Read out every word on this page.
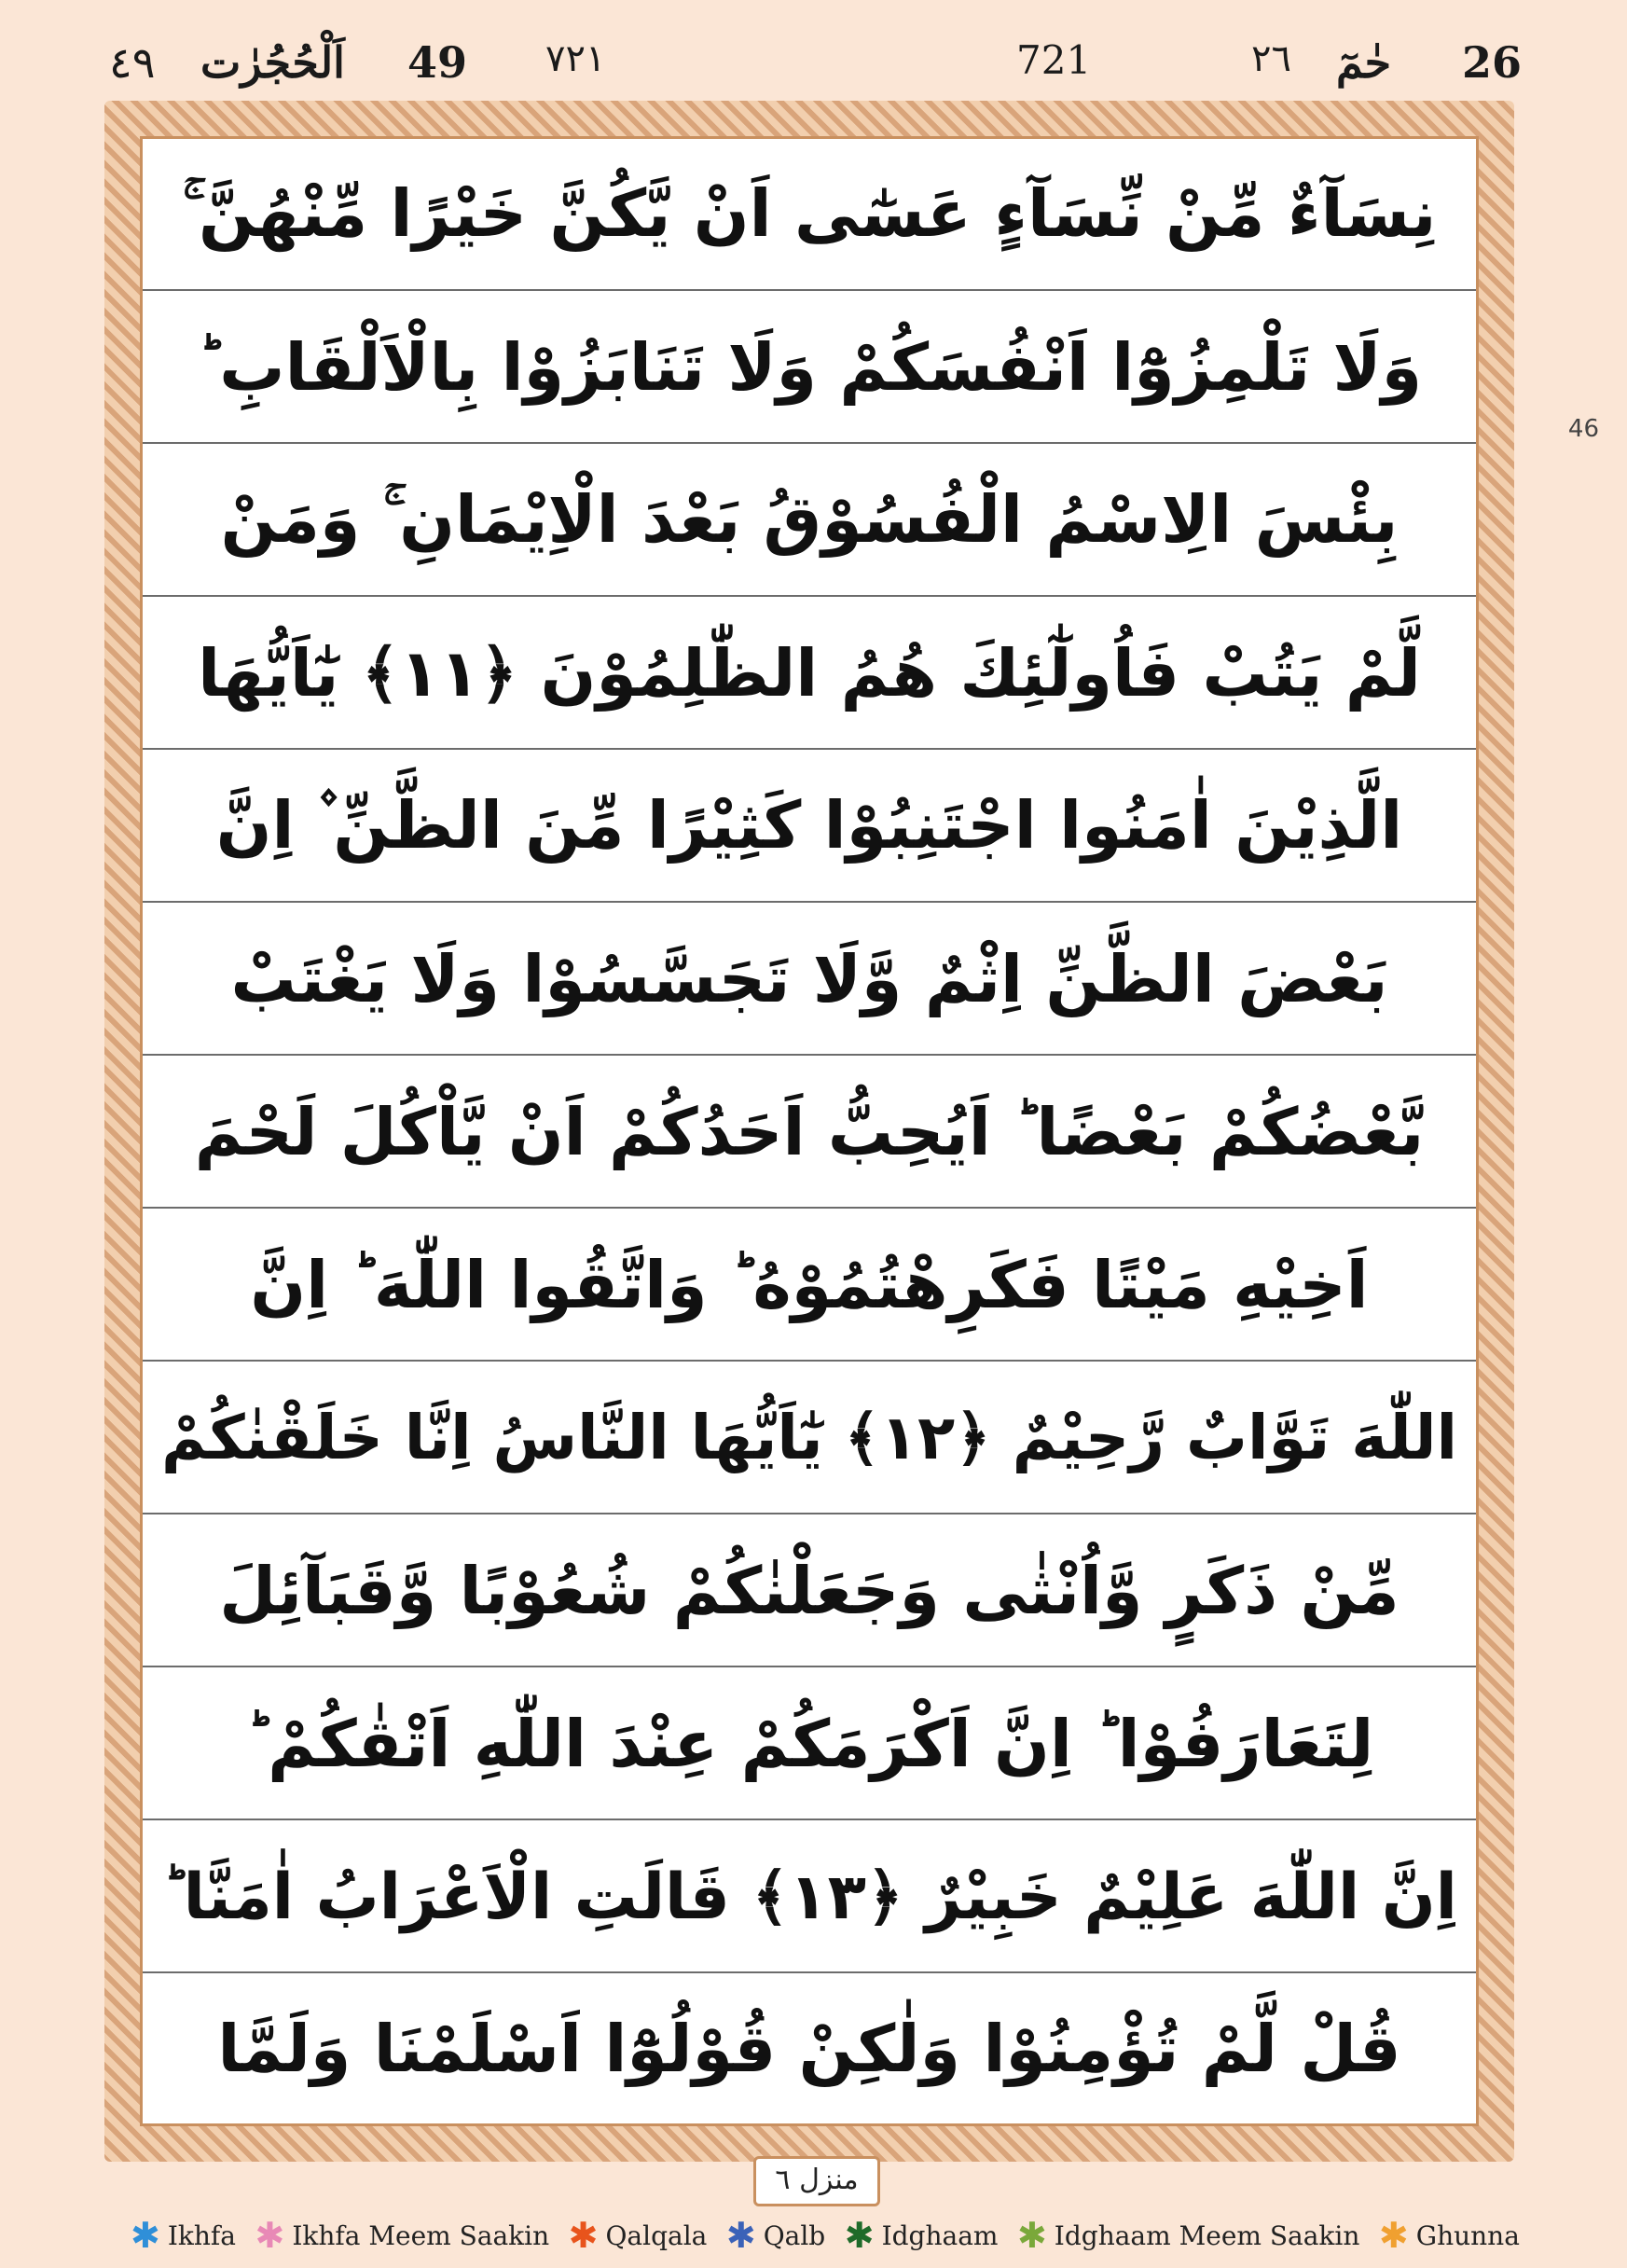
٤٩ اَلْحُجُرٰت 49 ٧٢١	721	٢٦ حٰمٓ 26
46
نِسَآءٌ مِّنْ نِّسَآءٍ عَسٰٓى اَنْ يَّكُنَّ خَيْرًا مِّنْهُنَّ ۚ
وَلَا تَلْمِزُوْٓا اَنْفُسَكُمْ وَلَا تَنَابَزُوْا بِالْاَلْقَابِ ؕ
بِئْسَ الِاسْمُ الْفُسُوْقُ بَعْدَ الْاِيْمَانِ ۚ وَمَنْ
لَّمْ يَتُبْ فَاُولٰٓئِكَ هُمُ الظّٰلِمُوْنَ ﴿۱۱﴾ يٰٓاَيُّهَا
الَّذِيْنَ اٰمَنُوا اجْتَنِبُوْا كَثِيْرًا مِّنَ الظَّنِّ ۫ اِنَّ
بَعْضَ الظَّنِّ اِثْمٌ وَّلَا تَجَسَّسُوْا وَلَا يَغْتَبْ
بَّعْضُكُمْ بَعْضًا ؕ اَيُحِبُّ اَحَدُكُمْ اَنْ يَّاْكُلَ لَحْمَ
اَخِيْهِ مَيْتًا فَكَرِهْتُمُوْهُ ؕ وَاتَّقُوا اللّٰهَ ؕ اِنَّ
اللّٰهَ تَوَّابٌ رَّحِيْمٌ ﴿۱۲﴾ يٰٓاَيُّهَا النَّاسُ اِنَّا خَلَقْنٰكُمْ
مِّنْ ذَكَرٍ وَّاُنْثٰى وَجَعَلْنٰكُمْ شُعُوْبًا وَّقَبَآئِلَ
لِتَعَارَفُوْا ؕ اِنَّ اَكْرَمَكُمْ عِنْدَ اللّٰهِ اَتْقٰكُمْ ؕ
اِنَّ اللّٰهَ عَلِيْمٌ خَبِيْرٌ ﴿۱۳﴾ قَالَتِ الْاَعْرَابُ اٰمَنَّا ؕ
قُلْ لَّمْ تُؤْمِنُوْا وَلٰكِنْ قُوْلُوْٓا اَسْلَمْنَا وَلَمَّا
منزل ٦
✱ Ikhfa ✱ Ikhfa Meem Saakin ✱ Qalqala ✱ Qalb ✱ Idghaam ✱ Idghaam Meem Saakin ✱ Ghunna
